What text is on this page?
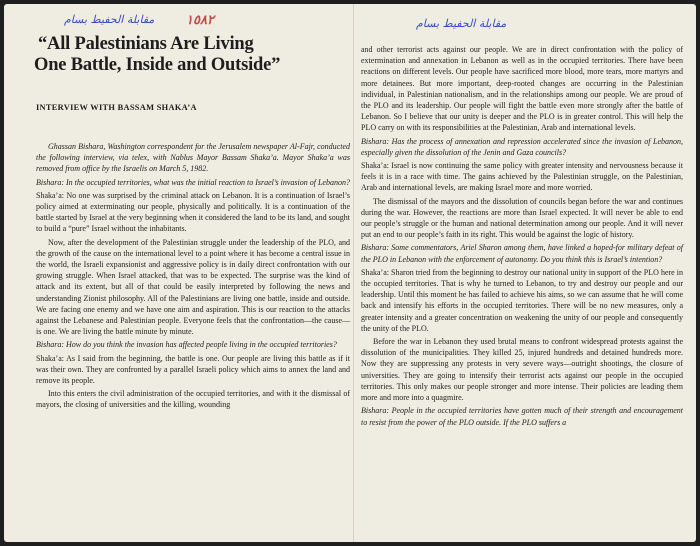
مقابلة الحفيط بسام ١٥٨٢	مقابلة الحفيط بسام
“All Palestinians Are Living
One Battle, Inside and Outside”
INTERVIEW WITH BASSAM SHAKA’A

Ghassan Bishara, Washington correspondent for the Jerusalem newspaper Al-Fajr, conducted the following interview, via telex, with Nablus Mayor Bassam Shaka’a. Mayor Shaka’a was removed from office by the Israelis on March 5, 1982.

Bishara: In the occupied territories, what was the initial reaction to Israel’s invasion of Lebanon?

Shaka’a: No one was surprised by the criminal attack on Lebanon. It is a continuation of Israel’s policy aimed at exterminating our people, physically and politically. It is a continuation of the battle started by Israel at the very beginning when it considered the land to be its land, and sought to build a “pure” Israel without the inhabitants.

Now, after the development of the Palestinian struggle under the leadership of the PLO, and the growth of the cause on the international level to a point where it has become a central issue in the world, the Israeli expansionist and aggressive policy is in daily direct confrontation with our growing struggle. When Israel attacked, that was to be expected. The surprise was the kind of attack and its extent, but all of that could be easily interpreted by following the news and understanding Zionist philosophy. All of the Palestinians are living one battle, inside and outside. We are facing one enemy and we have one aim and aspiration. This is our reaction to the attacks against the Lebanese and Palestinian people. Everyone feels that the confrontation—the cause—is one. We are living the battle minute by minute.

Bishara: How do you think the invasion has affected people living in the occupied territories?

Shaka’a: As I said from the beginning, the battle is one. Our people are living this battle as if it was their own. They are confronted by a parallel Israeli policy which aims to annex the land and remove its people.

Into this enters the civil administration of the occupied territories, and with it the dismissal of mayors, the closing of universities and the killing, wounding

and other terrorist acts against our people. We are in direct confrontation with the policy of extermination and annexation in Lebanon as well as in the occupied territories. There have been reactions on different levels. Our people have sacrificed more blood, more tears, more martyrs and more detainees. But more important, deep-rooted changes are occurring in the Palestinian individual, in Palestinian nationalism, and in the relationships among our people. We are proud of the PLO and its leadership. Our people will fight the battle even more strongly after the battle of Lebanon. So I believe that our unity is deeper and the PLO is in greater control. This will help the PLO carry on with its responsibilities at the Palestinian, Arab and international levels.

Bishara: Has the process of annexation and repression accelerated since the invasion of Lebanon, especially given the dissolution of the Jenin and Gaza councils?

Shaka’a: Israel is now continuing the same policy with greater intensity and nervousness because it feels it is in a race with time. The gains achieved by the Palestinian struggle, on the Palestinian, Arab and international levels, are making Israel more and more worried.

The dismissal of the mayors and the dissolution of councils began before the war and continues during the war. However, the reactions are more than Israel expected. It will never be able to end our people’s struggle or the human and national determination among our people. And it will never put an end to our people’s faith in its right. This would be against the logic of history.

Bishara: Some commentators, Ariel Sharon among them, have linked a hoped-for military defeat of the PLO in Lebanon with the enforcement of autonomy. Do you think this is Israel’s intention?

Shaka’a: Sharon tried from the beginning to destroy our national unity in support of the PLO here in the occupied territories. That is why he turned to Lebanon, to try and destroy our people and our leadership. Until this moment he has failed to achieve his aims, so we can assume that he will come back and intensify his efforts in the occupied territories. There will be no new measures, only a greater intensity and a greater concentration on weakening the unity of our people and consequently the unity of the PLO.

Before the war in Lebanon they used brutal means to confront widespread protests against the dissolution of the municipalities. They killed 25, injured hundreds and detained hundreds more. Now they are suppressing any protests in very severe ways—outright shootings, the closure of universities. They are going to intensify their terrorist acts against our people in the occupied territories. This only makes our people stronger and more intense. Their policies are leading them more and more into a quagmire.

Bishara: People in the occupied territories have gotten much of their strength and encouragement to resist from the power of the PLO outside. If the PLO suffers a
